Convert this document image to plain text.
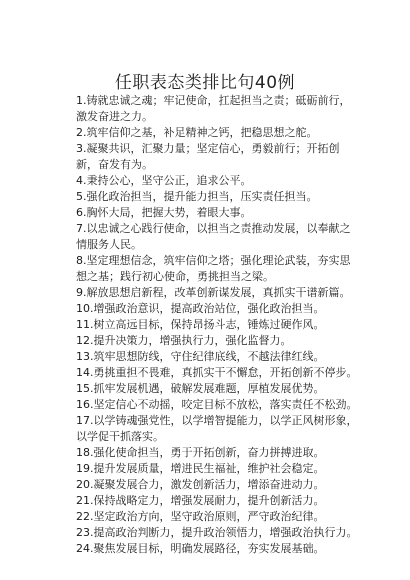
任职表态类排比句40例
1.铸就忠诚之魂；牢记使命，扛起担当之责；砥砺前行，激发奋进之力。
2.筑牢信仰之基，补足精神之钙，把稳思想之舵。
3.凝聚共识，汇聚力量；坚定信心，勇毅前行；开拓创新，奋发有为。
4.秉持公心，坚守公正，追求公平。
5.强化政治担当，提升能力担当，压实责任担当。
6.胸怀大局，把握大势，着眼大事。
7.以忠诚之心践行使命，以担当之责推动发展，以奉献之情服务人民。
8.坚定理想信念，筑牢信仰之塔；强化理论武装，夯实思想之基；践行初心使命，勇挑担当之梁。
9.解放思想启新程，改革创新谋发展，真抓实干谱新篇。
10.增强政治意识，提高政治站位，强化政治担当。
11.树立高远目标，保持昂扬斗志，锤炼过硬作风。
12.提升决策力，增强执行力，强化监督力。
13.筑牢思想防线，守住纪律底线，不越法律红线。
14.勇挑重担不畏难，真抓实干不懈怠，开拓创新不停步。
15.抓牢发展机遇，破解发展难题，厚植发展优势。
16.坚定信心不动摇，咬定目标不放松，落实责任不松劲。
17.以学铸魂强党性，以学增智提能力，以学正风树形象，以学促干抓落实。
18.强化使命担当，勇于开拓创新，奋力拼搏进取。
19.提升发展质量，增进民生福祉，维护社会稳定。
20.凝聚发展合力，激发创新活力，增添奋进动力。
21.保持战略定力，增强发展耐力，提升创新活力。
22.坚定政治方向，坚守政治原则，严守政治纪律。
23.提高政治判断力，提升政治领悟力，增强政治执行力。
24.聚焦发展目标，明确发展路径，夯实发展基础。
